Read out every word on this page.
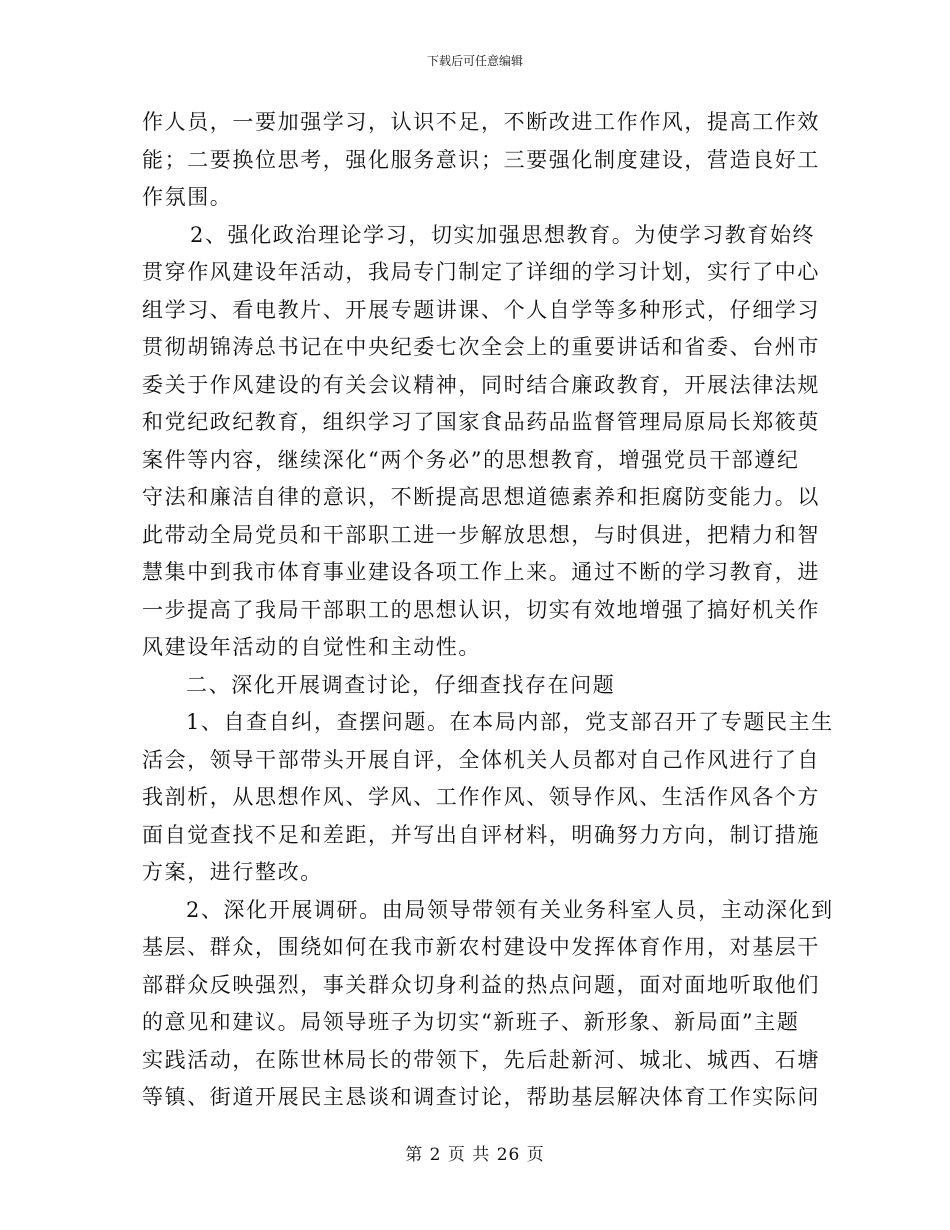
下载后可任意编辑
作人员，一要加强学习，认识不足，不断改进工作作风，提高工作效
能；二要换位思考，强化服务意识；三要强化制度建设，营造良好工
作氛围。
2、强化政治理论学习，切实加强思想教育。为使学习教育始终
贯穿作风建设年活动，我局专门制定了详细的学习计划，实行了中心
组学习、看电教片、开展专题讲课、个人自学等多种形式，仔细学习
贯彻胡锦涛总书记在中央纪委七次全会上的重要讲话和省委、台州市
委关于作风建设的有关会议精神，同时结合廉政教育，开展法律法规
和党纪政纪教育，组织学习了国家食品药品监督管理局原局长郑筱萸
案件等内容，继续深化“两个务必”的思想教育，增强党员干部遵纪
守法和廉洁自律的意识，不断提高思想道德素养和拒腐防变能力。以
此带动全局党员和干部职工进一步解放思想，与时俱进，把精力和智
慧集中到我市体育事业建设各项工作上来。通过不断的学习教育，进
一步提高了我局干部职工的思想认识，切实有效地增强了搞好机关作
风建设年活动的自觉性和主动性。
二、深化开展调查讨论，仔细查找存在问题
1、自查自纠，查摆问题。在本局内部，党支部召开了专题民主生
活会，领导干部带头开展自评，全体机关人员都对自己作风进行了自
我剖析，从思想作风、学风、工作作风、领导作风、生活作风各个方
面自觉查找不足和差距，并写出自评材料，明确努力方向，制订措施
方案，进行整改。
2、深化开展调研。由局领导带领有关业务科室人员，主动深化到
基层、群众，围绕如何在我市新农村建设中发挥体育作用，对基层干
部群众反映强烈，事关群众切身利益的热点问题，面对面地听取他们
的意见和建议。局领导班子为切实“新班子、新形象、新局面”主题
实践活动，在陈世林局长的带领下，先后赴新河、城北、城西、石塘
等镇、街道开展民主恳谈和调查讨论，帮助基层解决体育工作实际问
第 2 页 共 26 页
